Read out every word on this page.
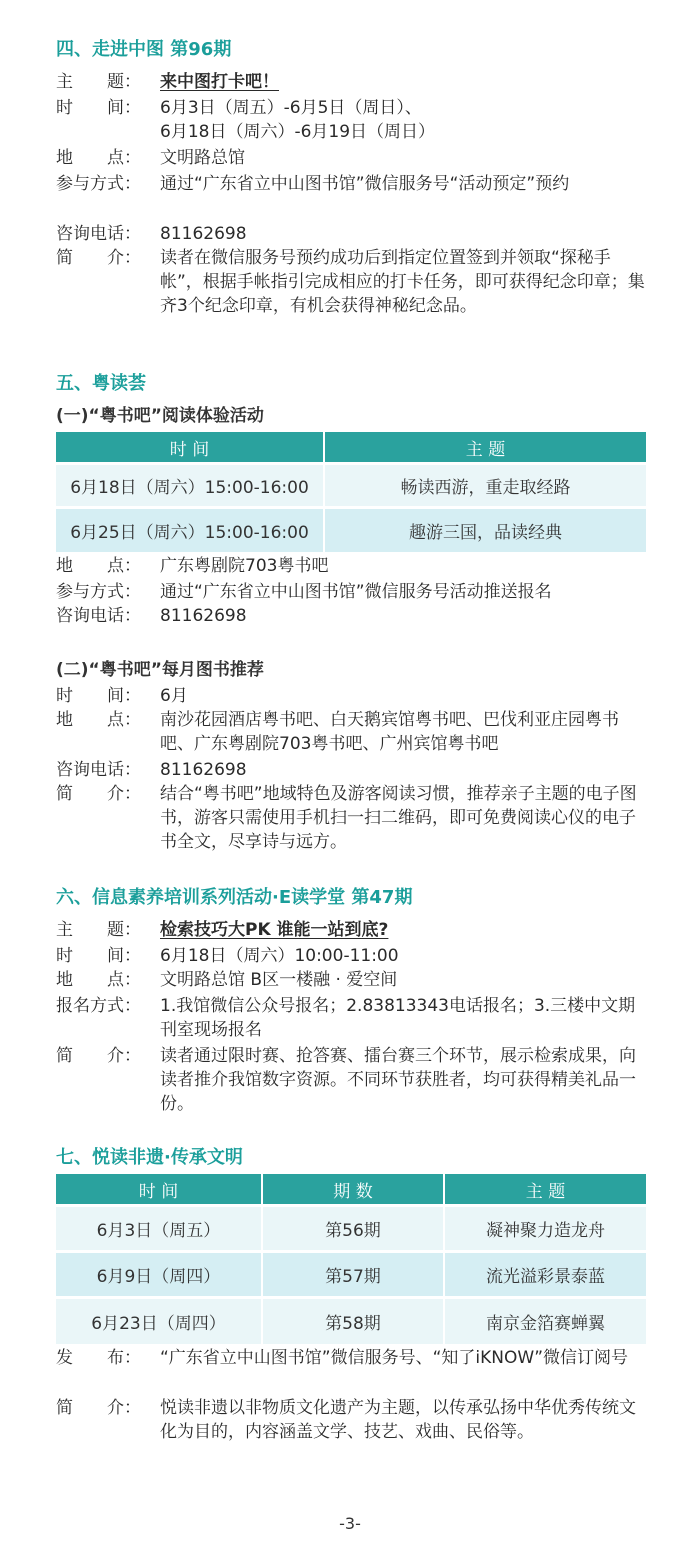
四、走进中图 第96期
主　　题：	来中图打卡吧！
时　　间：	6月3日（周五）-6月5日（周日）、
6月18日（周六）-6月19日（周日）
地　　点：	文明路总馆
参与方式：	通过“广东省立中山图书馆”微信服务号“活动预定”预约
咨询电话：	81162698
简　　介：	读者在微信服务号预约成功后到指定位置签到并领取“探秘手帐”，根据手帐指引完成相应的打卡任务，即可获得纪念印章；集齐3个纪念印章，有机会获得神秘纪念品。
五、粤读荟
(一)“粤书吧”阅读体验活动
时 间	主 题
6月18日（周六）15:00-16:00	畅读西游，重走取经路
6月25日（周六）15:00-16:00	趣游三国，品读经典
地　　点：	广东粤剧院703粤书吧
参与方式：	通过“广东省立中山图书馆”微信服务号活动推送报名
咨询电话：	81162698
(二)“粤书吧”每月图书推荐
时　　间：	6月
地　　点：	南沙花园酒店粤书吧、白天鹅宾馆粤书吧、巴伐利亚庄园粤书吧、广东粤剧院703粤书吧、广州宾馆粤书吧
咨询电话：	81162698
简　　介：	结合“粤书吧”地域特色及游客阅读习惯，推荐亲子主题的电子图书，游客只需使用手机扫一扫二维码，即可免费阅读心仪的电子书全文，尽享诗与远方。
六、信息素养培训系列活动·E读学堂 第47期
主　　题：	检索技巧大PK 谁能一站到底?
时　　间：	6月18日（周六）10:00-11:00
地　　点：	文明路总馆 B区一楼融 · 爱空间
报名方式：	1.我馆微信公众号报名；2.83813343电话报名；3.三楼中文期刊室现场报名
简　　介：	读者通过限时赛、抢答赛、擂台赛三个环节，展示检索成果，向读者推介我馆数字资源。不同环节获胜者，均可获得精美礼品一份。
七、悦读非遗·传承文明
时 间	期 数	主 题
6月3日（周五）	第56期	凝神聚力造龙舟
6月9日（周四）	第57期	流光溢彩景泰蓝
6月23日（周四）	第58期	南京金箔赛蝉翼
发　　布：	“广东省立中山图书馆”微信服务号、“知了iKNOW”微信订阅号
简　　介：	悦读非遗以非物质文化遗产为主题，以传承弘扬中华优秀传统文化为目的，内容涵盖文学、技艺、戏曲、民俗等。
-3-
